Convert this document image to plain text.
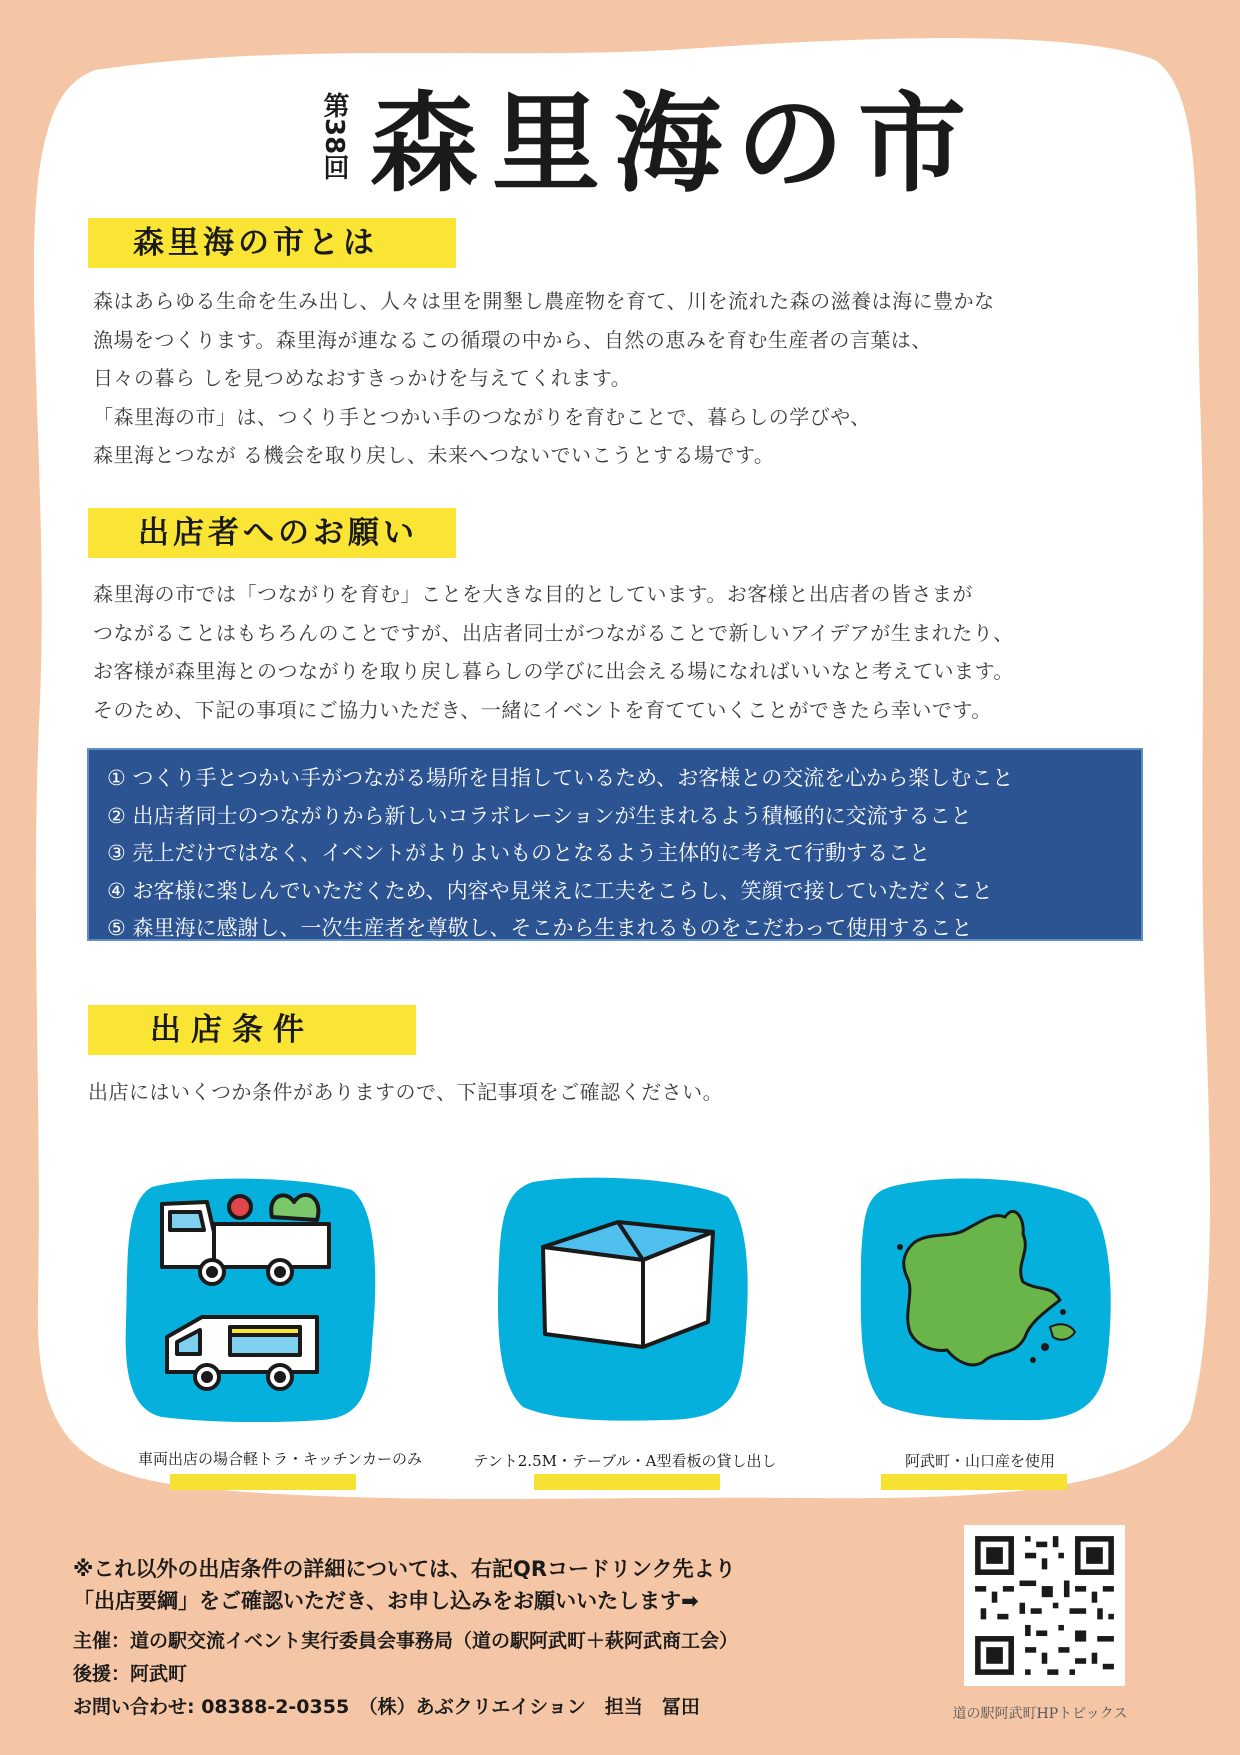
第38回 森里海の市
森里海の市とは
森はあらゆる生命を生み出し、人々は里を開墾し農産物を育て、川を流れた森の滋養は海に豊かな
漁場をつくります。森里海が連なるこの循環の中から、自然の恵みを育む生産者の言葉は、
日々の暮ら しを見つめなおすきっかけを与えてくれます。
「森里海の市」は、つくり手とつかい手のつながりを育むことで、暮らしの学びや、
森里海とつなが る機会を取り戻し、未来へつないでいこうとする場です。
出店者へのお願い
森里海の市では「つながりを育む」ことを大きな目的としています。お客様と出店者の皆さまが
つながることはもちろんのことですが、出店者同士がつながることで新しいアイデアが生まれたり、
お客様が森里海とのつながりを取り戻し暮らしの学びに出会える場になればいいなと考えています。
そのため、下記の事項にご協力いただき、一緒にイベントを育てていくことができたら幸いです。
① つくり手とつかい手がつながる場所を目指しているため、お客様との交流を心から楽しむこと
② 出店者同士のつながりから新しいコラボレーションが生まれるよう積極的に交流すること
③ 売上だけではなく、イベントがよりよいものとなるよう主体的に考えて行動すること
④ お客様に楽しんでいただくため、内容や見栄えに工夫をこらし、笑顔で接していただくこと
⑤ 森里海に感謝し、一次生産者を尊敬し、そこから生まれるものをこだわって使用すること
出店条件
出店にはいくつか条件がありますので、下記事項をご確認ください。
車両出店の場合軽トラ・キッチンカーのみ	テント2.5M・テーブル・A型看板の貸し出し	阿武町・山口産を使用
※これ以外の出店条件の詳細については、右記QRコードリンク先より
「出店要綱」をご確認いただき、お申し込みをお願いいたします➡
主催：道の駅交流イベント実行委員会事務局（道の駅阿武町＋萩阿武商工会）
後援：阿武町
お問い合わせ: 08388-2-0355　（株）あぶクリエイション　担当　冨田	道の駅阿武町HPトピックス
